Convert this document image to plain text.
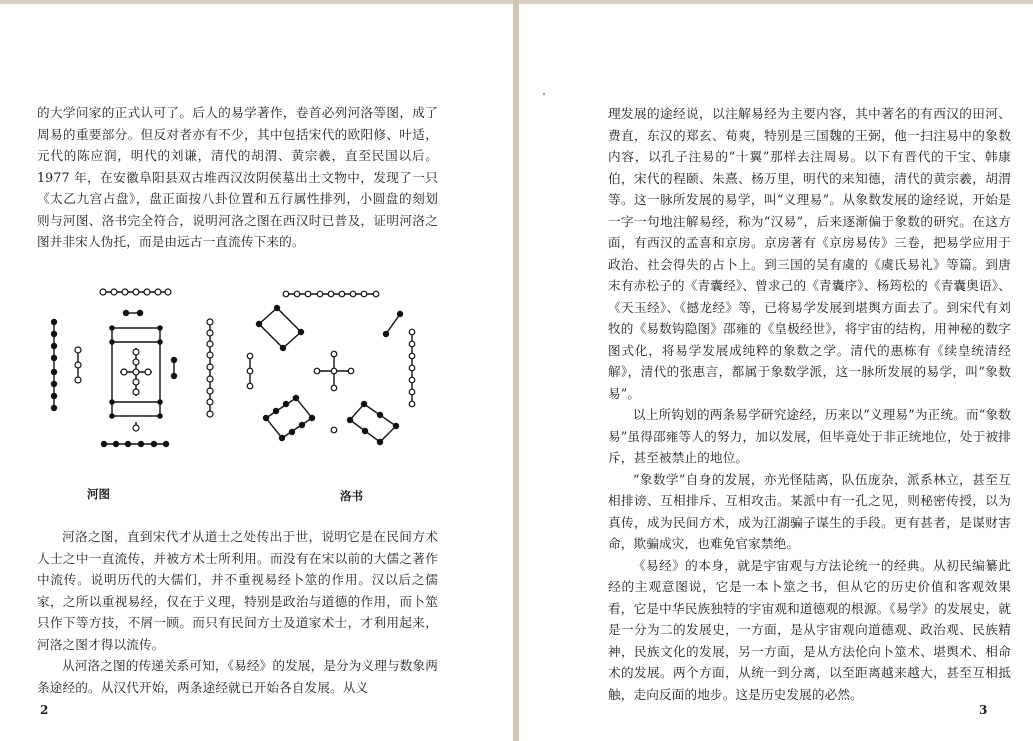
的大学问家的正式认可了。后人的易学著作，卷首必列河洛等图，成了周易的重要部分。但反对者亦有不少，其中包括宋代的欧阳修、叶适，元代的陈应润，明代的刘谦，清代的胡渭、黄宗羲，直至民国以后。1977 年，在安徽阜阳县双古堆西汉汝阴侯墓出土文物中，发现了一只《太乙九宫占盘》，盘正面按八卦位置和五行属性排列，小圆盘的刻划则与河图、洛书完全符合，说明河洛之图在西汉时已普及，证明河洛之图并非宋人伪托，而是由远古一直流传下来的。

河图	洛书

河洛之图，直到宋代才从道士之处传出于世，说明它是在民间方术人士之中一直流传，并被方术士所利用。而没有在宋以前的大儒之著作中流传。说明历代的大儒们，并不重视易经卜筮的作用。汉以后之儒家，之所以重视易经，仅在于义理，特别是政治与道德的作用，而卜筮只作下等方技，不屑一顾。而只有民间方士及道家术士，才利用起来，河洛之图才得以流传。

从河洛之图的传递关系可知，《易经》的发展，是分为义理与数象两条途经的。从汉代开始，两条途经就已开始各自发展。从义

2

理发展的途经说，以注解易经为主要内容，其中著名的有西汉的田河、费直，东汉的郑玄、荀爽，特别是三国魏的王弼，他一扫注易中的象数内容，以孔子注易的“十翼”那样去注周易。以下有晋代的干宝、韩康伯，宋代的程颐、朱熹、杨万里，明代的来知德，清代的黄宗羲，胡渭等。这一脉所发展的易学，叫“义理易”。从象数发展的途经说，开始是一字一句地注解易经，称为“汉易”，后来逐渐偏于象数的研究。在这方面，有西汉的孟喜和京房。京房著有《京房易传》三卷，把易学应用于政治、社会得失的占卜上。到三国的吴有虞的《虞氏易礼》等篇。到唐末有赤松子的《青囊经》、曾求己的《青囊序》、杨筠松的《青囊奥语》、《天玉经》、《撼龙经》等，已将易学发展到堪舆方面去了。到宋代有刘牧的《易数钩隐图》邵雍的《皇极经世》，将宇宙的结构，用神秘的数字图式化，将易学发展成纯粹的象数之学。清代的惠栋有《续皇统清经解》，清代的张惠言，都属于象数学派，这一脉所发展的易学，叫“象数易”。

以上所钩划的两条易学研究途经，历来以“义理易”为正统。而“象数易”虽得邵雍等人的努力，加以发展，但毕竟处于非正统地位，处于被排斥，甚至被禁止的地位。

“象数学”自身的发展，亦光怪陆离，队伍庞杂，派系林立，甚至互相排谤、互相排斥、互相攻击。某派中有一孔之见，则秘密传授，以为真传，成为民间方术，成为江湖骗子谋生的手段。更有甚者，是谋财害命，欺骗成灾，也难免官家禁绝。

《易经》的本身，就是宇宙观与方法论统一的经典。从初民编纂此经的主观意图说，它是一本卜筮之书，但从它的历史价值和客观效果看，它是中华民族独特的宇宙观和道德观的根源。《易学》的发展史，就是一分为二的发展史，一方面，是从宇宙观向道德观、政治观、民族精神，民族文化的发展，另一方面，是从方法伦向卜筮术、堪舆术、相命术的发展。两个方面，从统一到分离，以至距离越来越大，甚至互相抵触，走向反面的地步。这是历史发展的必然。

3
